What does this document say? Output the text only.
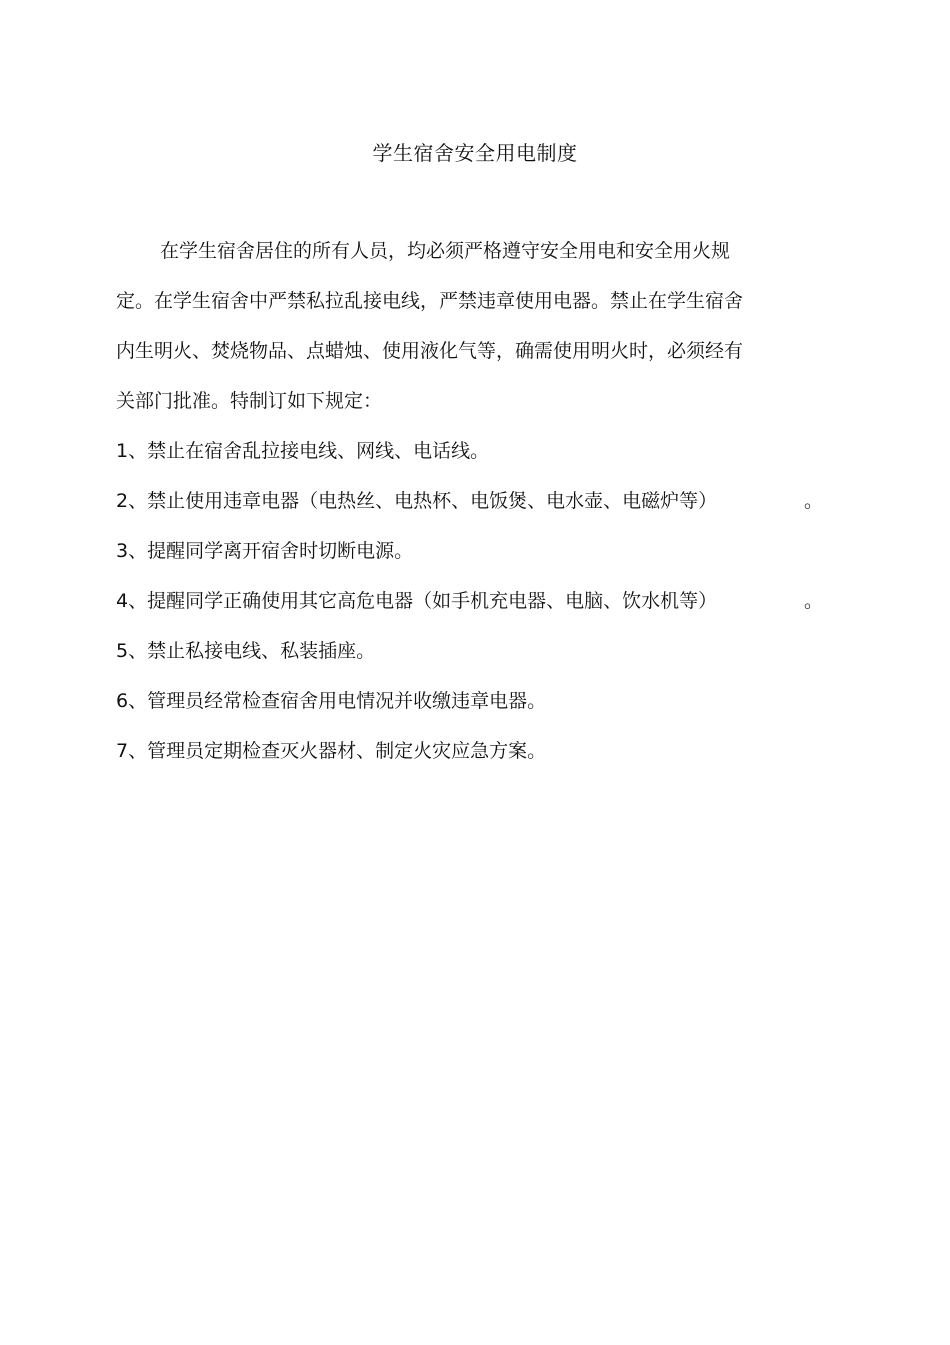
学生宿舍安全用电制度
在学生宿舍居住的所有人员，均必须严格遵守安全用电和安全用火规
定。在学生宿舍中严禁私拉乱接电线，严禁违章使用电器。禁止在学生宿舍
内生明火、焚烧物品、点蜡烛、使用液化气等，确需使用明火时，必须经有
关部门批准。特制订如下规定：
1、禁止在宿舍乱拉接电线、网线、电话线。
2、禁止使用违章电器（电热丝、电热杯、电饭煲、电水壶、电磁炉等）	。
3、提醒同学离开宿舍时切断电源。
4、提醒同学正确使用其它高危电器（如手机充电器、电脑、饮水机等）	。
5、禁止私接电线、私装插座。
6、管理员经常检查宿舍用电情况并收缴违章电器。
7、管理员定期检查灭火器材、制定火灾应急方案。
